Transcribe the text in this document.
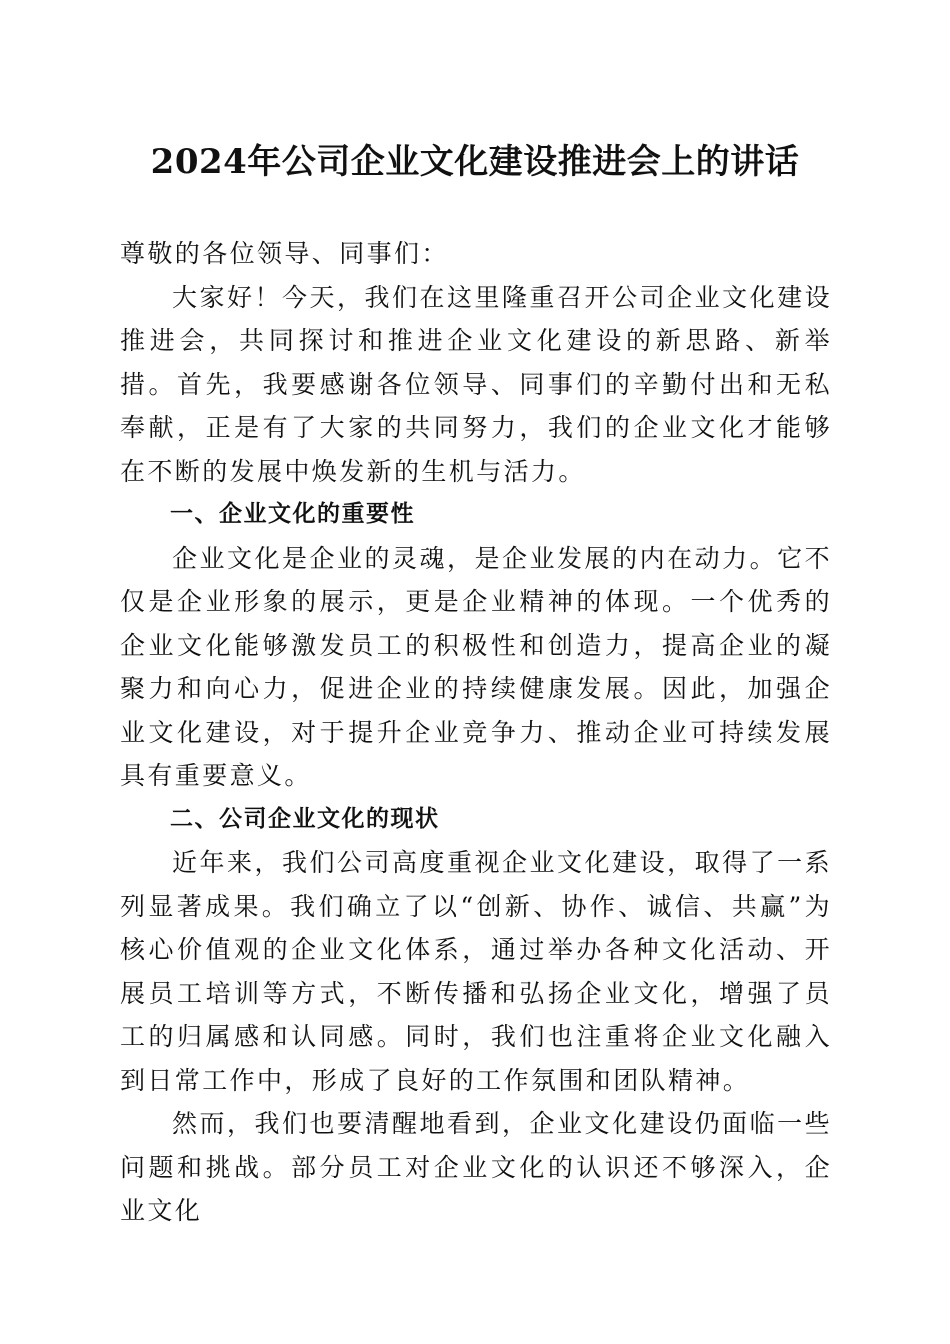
2024年公司企业文化建设推进会上的讲话

尊敬的各位领导、同事们：

大家好！今天，我们在这里隆重召开公司企业文化建设推进会，共同探讨和推进企业文化建设的新思路、新举措。首先，我要感谢各位领导、同事们的辛勤付出和无私奉献，正是有了大家的共同努力，我们的企业文化才能够在不断的发展中焕发新的生机与活力。

一、企业文化的重要性

企业文化是企业的灵魂，是企业发展的内在动力。它不仅是企业形象的展示，更是企业精神的体现。一个优秀的企业文化能够激发员工的积极性和创造力，提高企业的凝聚力和向心力，促进企业的持续健康发展。因此，加强企业文化建设，对于提升企业竞争力、推动企业可持续发展具有重要意义。

二、公司企业文化的现状

近年来，我们公司高度重视企业文化建设，取得了一系列显著成果。我们确立了以“创新、协作、诚信、共赢”为核心价值观的企业文化体系，通过举办各种文化活动、开展员工培训等方式，不断传播和弘扬企业文化，增强了员工的归属感和认同感。同时，我们也注重将企业文化融入到日常工作中，形成了良好的工作氛围和团队精神。

然而，我们也要清醒地看到，企业文化建设仍面临一些问题和挑战。部分员工对企业文化的认识还不够深入，企业文化
